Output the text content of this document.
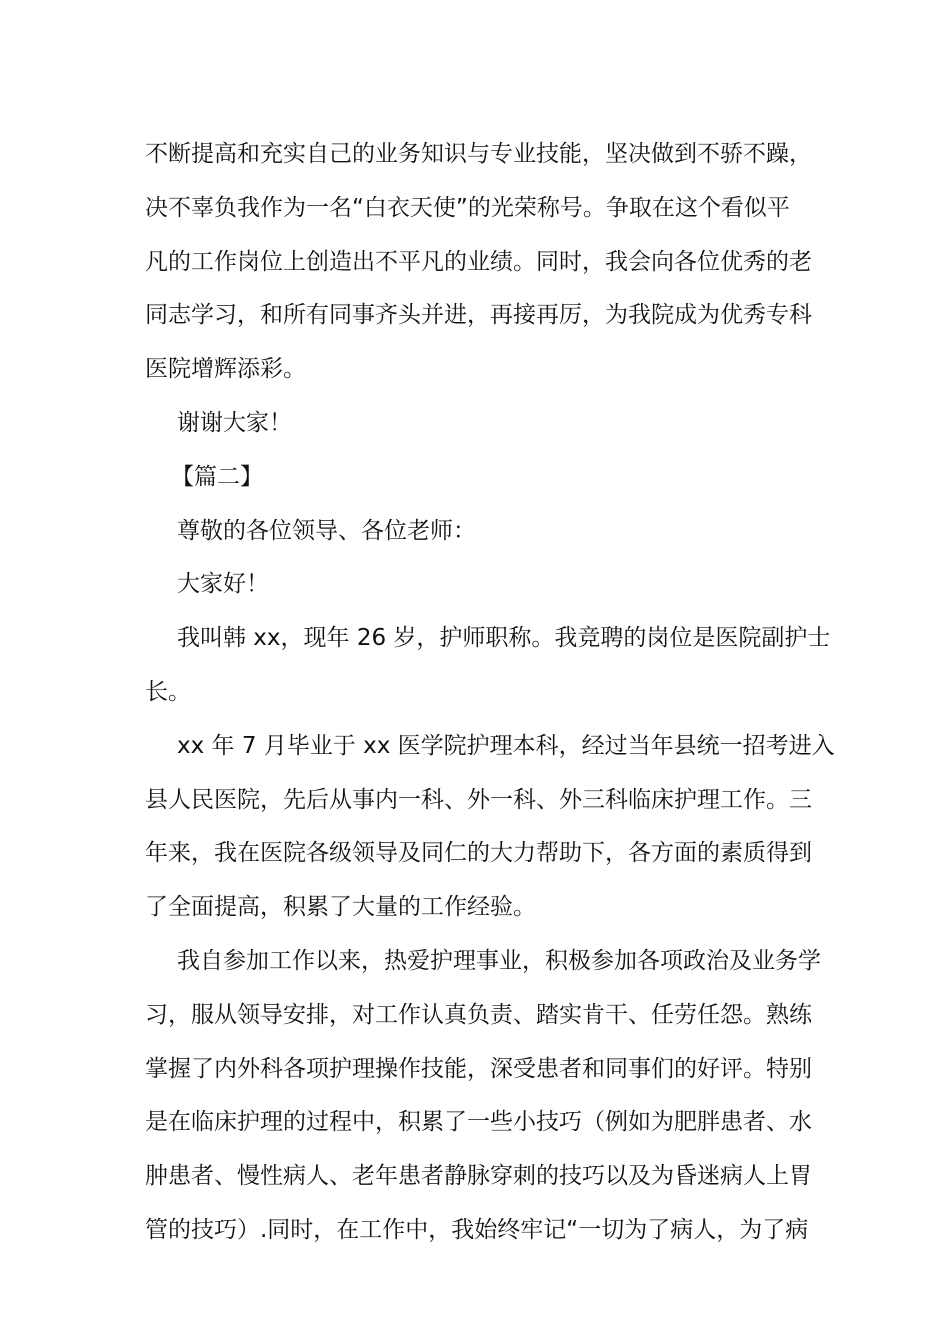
不断提高和充实自己的业务知识与专业技能，坚决做到不骄不躁，
决不辜负我作为一名“白衣天使”的光荣称号。争取在这个看似平
凡的工作岗位上创造出不平凡的业绩。同时，我会向各位优秀的老
同志学习，和所有同事齐头并进，再接再厉，为我院成为优秀专科
医院增辉添彩。
谢谢大家！
【篇二】
尊敬的各位领导、各位老师：
大家好！
我叫韩 xx，现年 26 岁，护师职称。我竞聘的岗位是医院副护士
长。
xx 年 7 月毕业于 xx 医学院护理本科，经过当年县统一招考进入
县人民医院，先后从事内一科、外一科、外三科临床护理工作。三
年来，我在医院各级领导及同仁的大力帮助下，各方面的素质得到
了全面提高，积累了大量的工作经验。
我自参加工作以来，热爱护理事业，积极参加各项政治及业务学
习，服从领导安排，对工作认真负责、踏实肯干、任劳任怨。熟练
掌握了内外科各项护理操作技能，深受患者和同事们的好评。特别
是在临床护理的过程中，积累了一些小技巧（例如为肥胖患者、水
肿患者、慢性病人、老年患者静脉穿刺的技巧以及为昏迷病人上胃
管的技巧）.同时，在工作中，我始终牢记“一切为了病人，为了病
